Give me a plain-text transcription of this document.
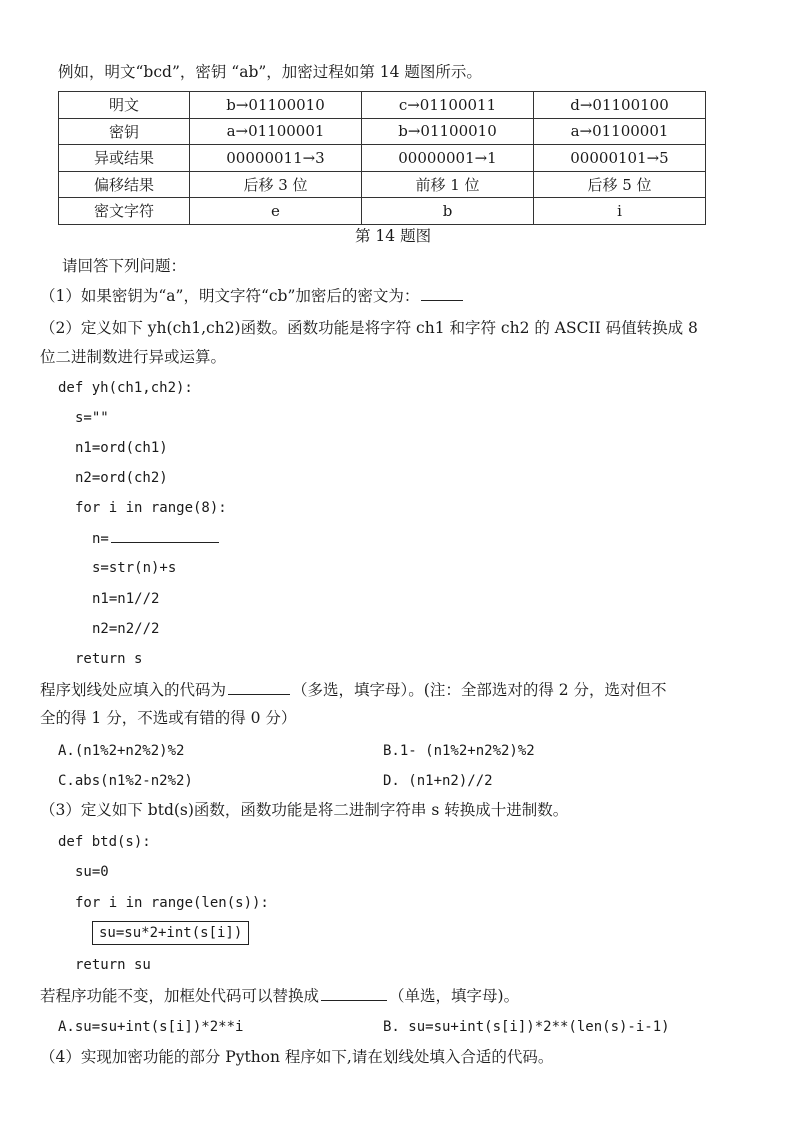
例如，明文“bcd”，密钥 “ab”，加密过程如第 14 题图所示。
明文	b→01100010	c→01100011	d→01100100
密钥	a→01100001	b→01100010	a→01100001
异或结果	00000011→3	00000001→1	00000101→5
偏移结果	后移 3 位	前移 1 位	后移 5 位
密文字符	e	b	i
第 14 题图
请回答下列问题：
（1）如果密钥为“a”，明文字符“cb”加密后的密文为：
（2）定义如下 yh(ch1,ch2)函数。函数功能是将字符 ch1 和字符 ch2 的 ASCII 码值转换成 8
位二进制数进行异或运算。
def yh(ch1,ch2):
s=""
n1=ord(ch1)
n2=ord(ch2)
for i in range(8):
n=
s=str(n)+s
n1=n1//2
n2=n2//2
return s
程序划线处应填入的代码为	（多选，填字母）。(注：全部选对的得 2 分，选对但不
全的得 1 分，不选或有错的得 0 分）
A.(n1%2+n2%2)%2	B.1- (n1%2+n2%2)%2
C.abs(n1%2-n2%2)	D. (n1+n2)//2
（3）定义如下 btd(s)函数，函数功能是将二进制字符串 s 转换成十进制数。
def btd(s):
su=0
for i in range(len(s)):
su=su*2+int(s[i])
return su
若程序功能不变，加框处代码可以替换成	（单选，填字母)。
A.su=su+int(s[i])*2**i	B. su=su+int(s[i])*2**(len(s)-i-1)
（4）实现加密功能的部分 Python 程序如下,请在划线处填入合适的代码。
